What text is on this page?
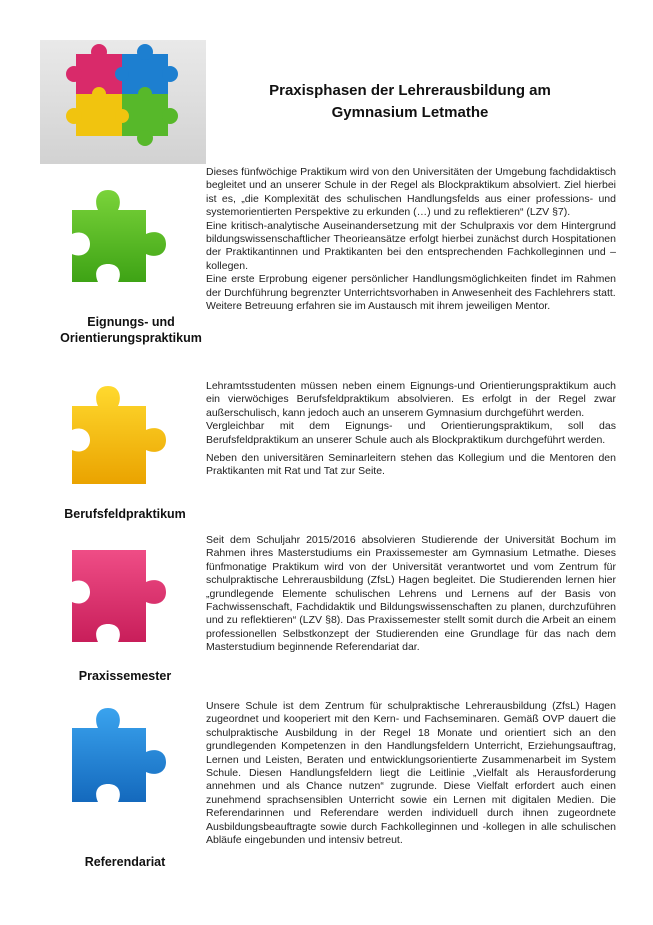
Praxisphasen der Lehrerausbildung am
Gymnasium Letmathe
Eignungs- und
Orientierungspraktikum

Dieses fünfwöchige Praktikum wird von den Universitäten der Umgebung fachdidaktisch begleitet und an unserer Schule in der Regel als Blockpraktikum absolviert. Ziel hierbei ist es, „die Komplexität des schulischen Handlungsfelds aus einer professions- und systemorientierten Perspektive zu erkunden (…) und zu reflektieren“ (LZV §7).

Eine kritisch-analytische Auseinandersetzung mit der Schulpraxis vor dem Hintergrund bildungswissenschaftlicher Theorieansätze erfolgt hierbei zunächst durch Hospitationen der Praktikantinnen und Praktikanten bei den entsprechenden Fachkolleginnen und –kollegen.

Eine erste Erprobung eigener persönlicher Handlungsmöglichkeiten findet im Rahmen der Durchführung begrenzter Unterrichtsvorhaben in Anwesenheit des Fachlehrers statt.

Weitere Betreuung erfahren sie im Austausch mit ihrem jeweiligen Mentor.

Berufsfeldpraktikum

Lehramtsstudenten müssen neben einem Eignungs-und Orientierungspraktikum auch ein vierwöchiges Berufsfeldpraktikum absolvieren. Es erfolgt in der Regel zwar außerschulisch, kann jedoch auch an unserem Gymnasium durchgeführt werden.

Vergleichbar mit dem Eignungs- und Orientierungspraktikum, soll das Berufsfeldpraktikum an unserer Schule auch als Blockpraktikum durchgeführt werden.

Neben den universitären Seminarleitern stehen das Kollegium und die Mentoren den Praktikanten mit Rat und Tat zur Seite.

Praxissemester

Seit dem Schuljahr 2015/2016 absolvieren Studierende der Universität Bochum im Rahmen ihres Masterstudiums ein Praxissemester am Gymnasium Letmathe. Dieses fünfmonatige Praktikum wird von der Universität verantwortet und vom Zentrum für schulpraktische Lehrerausbildung (ZfsL) Hagen begleitet. Die Studierenden lernen hier „grundlegende Elemente schulischen Lehrens und Lernens auf der Basis von Fachwissenschaft, Fachdidaktik und Bildungswissenschaften zu planen, durchzuführen und zu reflektieren“ (LZV §8). Das Praxissemester stellt somit durch die Arbeit an einem professionellen Selbstkonzept der Studierenden eine Grundlage für das nach dem Masterstudium beginnende Referendariat dar.

Referendariat

Unsere Schule ist dem Zentrum für schulpraktische Lehrerausbildung (ZfsL) Hagen zugeordnet und kooperiert mit den Kern- und Fachseminaren. Gemäß OVP dauert die schulpraktische Ausbildung in der Regel 18 Monate und orientiert sich an den grundlegenden Kompetenzen in den Handlungsfeldern Unterricht, Erziehungsauftrag, Lernen und Leisten, Beraten und entwicklungsorientierte Zusammenarbeit im System Schule. Diesen Handlungsfeldern liegt die Leitlinie „Vielfalt als Herausforderung annehmen und als Chance nutzen“ zugrunde. Diese Vielfalt erfordert auch einen zunehmend sprachsensiblen Unterricht sowie ein Lernen mit digitalen Medien. Die Referendarinnen und Referendare werden individuell durch ihnen zugeordnete Ausbildungsbeauftragte sowie durch Fachkolleginnen und -kollegen in alle schulischen Abläufe eingebunden und intensiv betreut.
